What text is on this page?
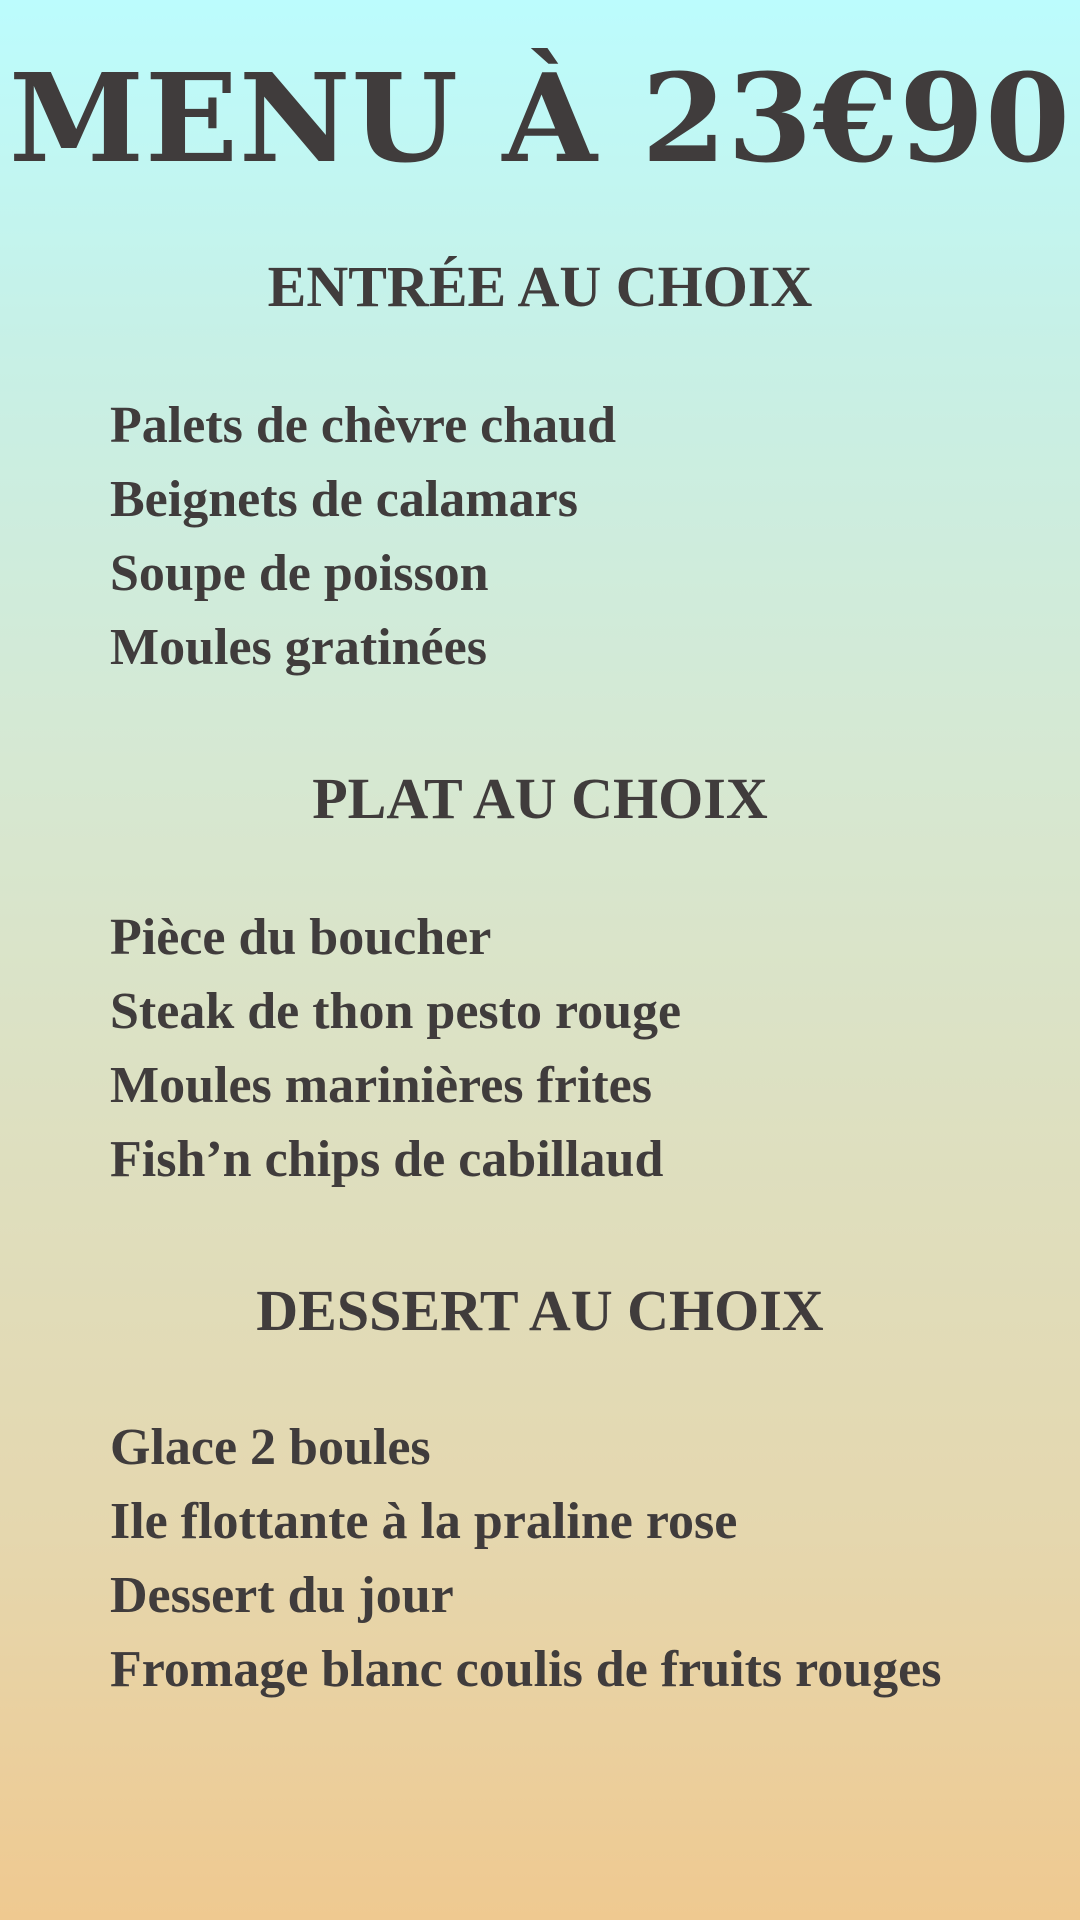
MENU À 23€90
ENTRÉE AU CHOIX
Palets de chèvre chaud
Beignets de calamars
Soupe de poisson
Moules gratinées
PLAT AU CHOIX
Pièce du boucher
Steak de thon pesto rouge
Moules marinières frites
Fish’n chips de cabillaud
DESSERT AU CHOIX
Glace 2 boules
Ile flottante à la praline rose
Dessert du jour
Fromage blanc coulis de fruits rouges
